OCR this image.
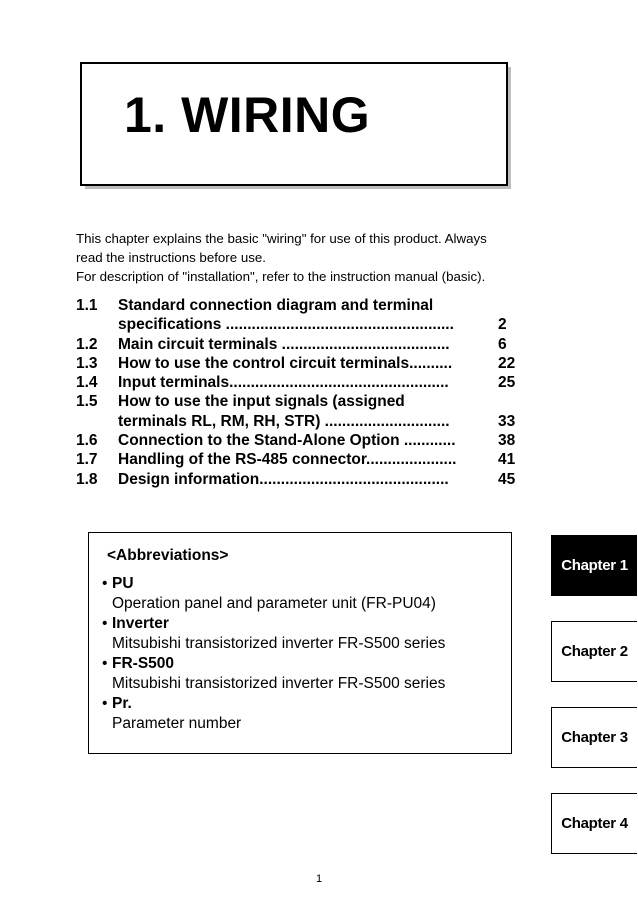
1. WIRING
This chapter explains the basic "wiring" for use of this product. Always
read the instructions before use.
For description of "installation", refer to the instruction manual (basic).
1.1 Standard connection diagram and terminal
specifications .....................................................	2
1.2 Main circuit terminals .......................................	6
1.3 How to use the control circuit terminals..........	22
1.4 Input terminals...................................................	25
1.5 How to use the input signals (assigned
terminals RL, RM, RH, STR) .............................	33
1.6 Connection to the Stand-Alone Option ............	38
1.7 Handling of the RS-485 connector.....................	41
1.8 Design information............................................	45
<Abbreviations>
• PU
Operation panel and parameter unit (FR-PU04)
• Inverter
Mitsubishi transistorized inverter FR-S500 series
• FR-S500
Mitsubishi transistorized inverter FR-S500 series
• Pr.
Parameter number
Chapter 1
Chapter 2
Chapter 3
Chapter 4
1
